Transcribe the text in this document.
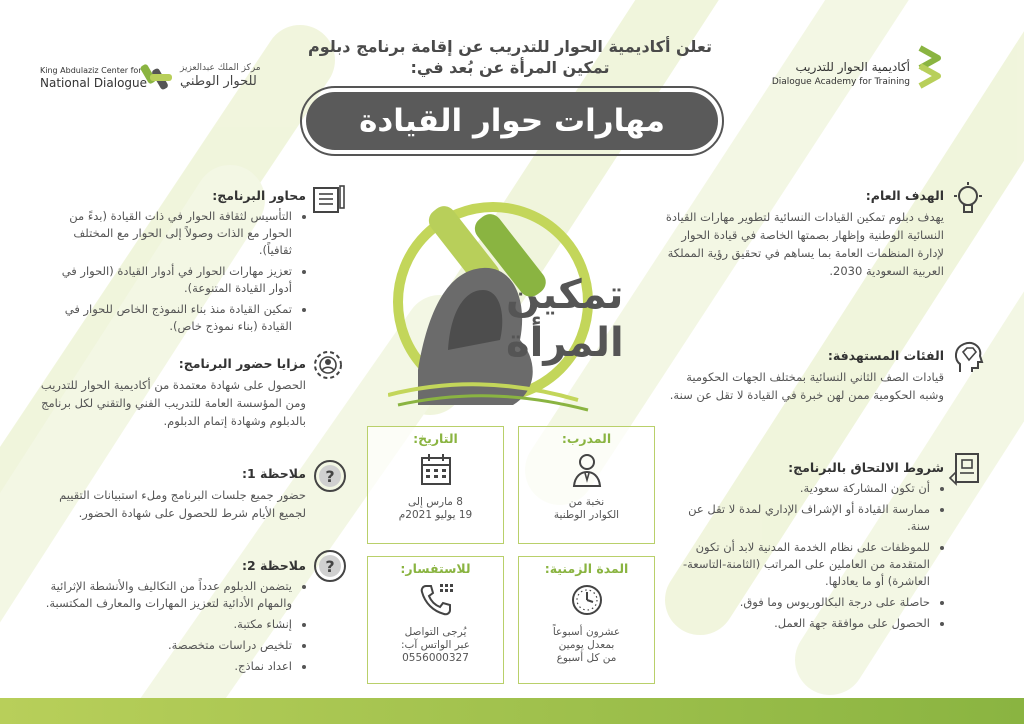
King Abdulaziz Center for
National Dialogue
مركز الملك عبدالعزيز
للحوار الوطني
أكاديمية الحوار للتدريب
Dialogue Academy for Training
تعلن أكاديمية الحوار للتدريب عن إقامة برنامج دبلوم
تمكين المرأة عن بُعد في:
مهارات حوار القيادة
تمكين
المرأة
الهدف العام:

يهدف دبلوم تمكين القيادات النسائية لتطوير مهارات القيادة النسائية الوطنية وإظهار بصمتها الخاصة في قيادة الحوار لإدارة المنظمات العامة بما يساهم في تحقيق رؤية المملكة العربية السعودية 2030.

الفئات المستهدفة:

قيادات الصف الثاني النسائية بمختلف الجهات الحكومية وشبه الحكومية ممن لهن خبرة في القيادة لا تقل عن سنة.

شروط الالتحاق بالبرنامج:
• أن تكون المشاركة سعودية.
• ممارسة القيادة أو الإشراف الإداري لمدة لا تقل عن سنة.
• للموظفات على نظام الخدمة المدنية لابد أن تكون المتقدمة من العاملين على المراتب (الثامنة-التاسعة-العاشرة) أو ما يعادلها.
• حاصلة على درجة البكالوريوس وما فوق.
• الحصول على موافقة جهة العمل.
محاور البرنامج:
• التأسيس لثقافة الحوار في ذات القيادة (بدءً من الحوار مع الذات وصولاً إلى الحوار مع المختلف ثقافياً).
• تعزيز مهارات الحوار في أدوار القيادة (الحوار في أدوار القيادة المتنوعة).
• تمكين القيادة منذ بناء النموذج الخاص للحوار في القيادة (بناء نموذج خاص).
مزايا حضور البرنامج:

الحصول على شهادة معتمدة من أكاديمية الحوار للتدريب ومن المؤسسة العامة للتدريب الفني والتقني لكل برنامج بالدبلوم وشهادة إتمام الدبلوم.

?
ملاحظة 1:

حضور جميع جلسات البرنامج وملء استبيانات التقييم لجميع الأيام شرط للحصول على شهادة الحضور.

?
ملاحظة 2:
• يتضمن الدبلوم عدداً من التكاليف والأنشطة الإثرائية والمهام الأدائية لتعزيز المهارات والمعارف المكتسبة.
• إنشاء مكتبة.
• تلخيص دراسات متخصصة.
• اعداد نماذج.
التاريخ:
8 مارس إلى
19 يوليو 2021م
المدرب:
نخبة من
الكوادر الوطنية
للاستفسار:
يُرجى التواصل
عبر الواتس آب:
0556000327
المدة الزمنية:
عشرون أسبوعاً
بمعدل يومين
من كل أسبوع
